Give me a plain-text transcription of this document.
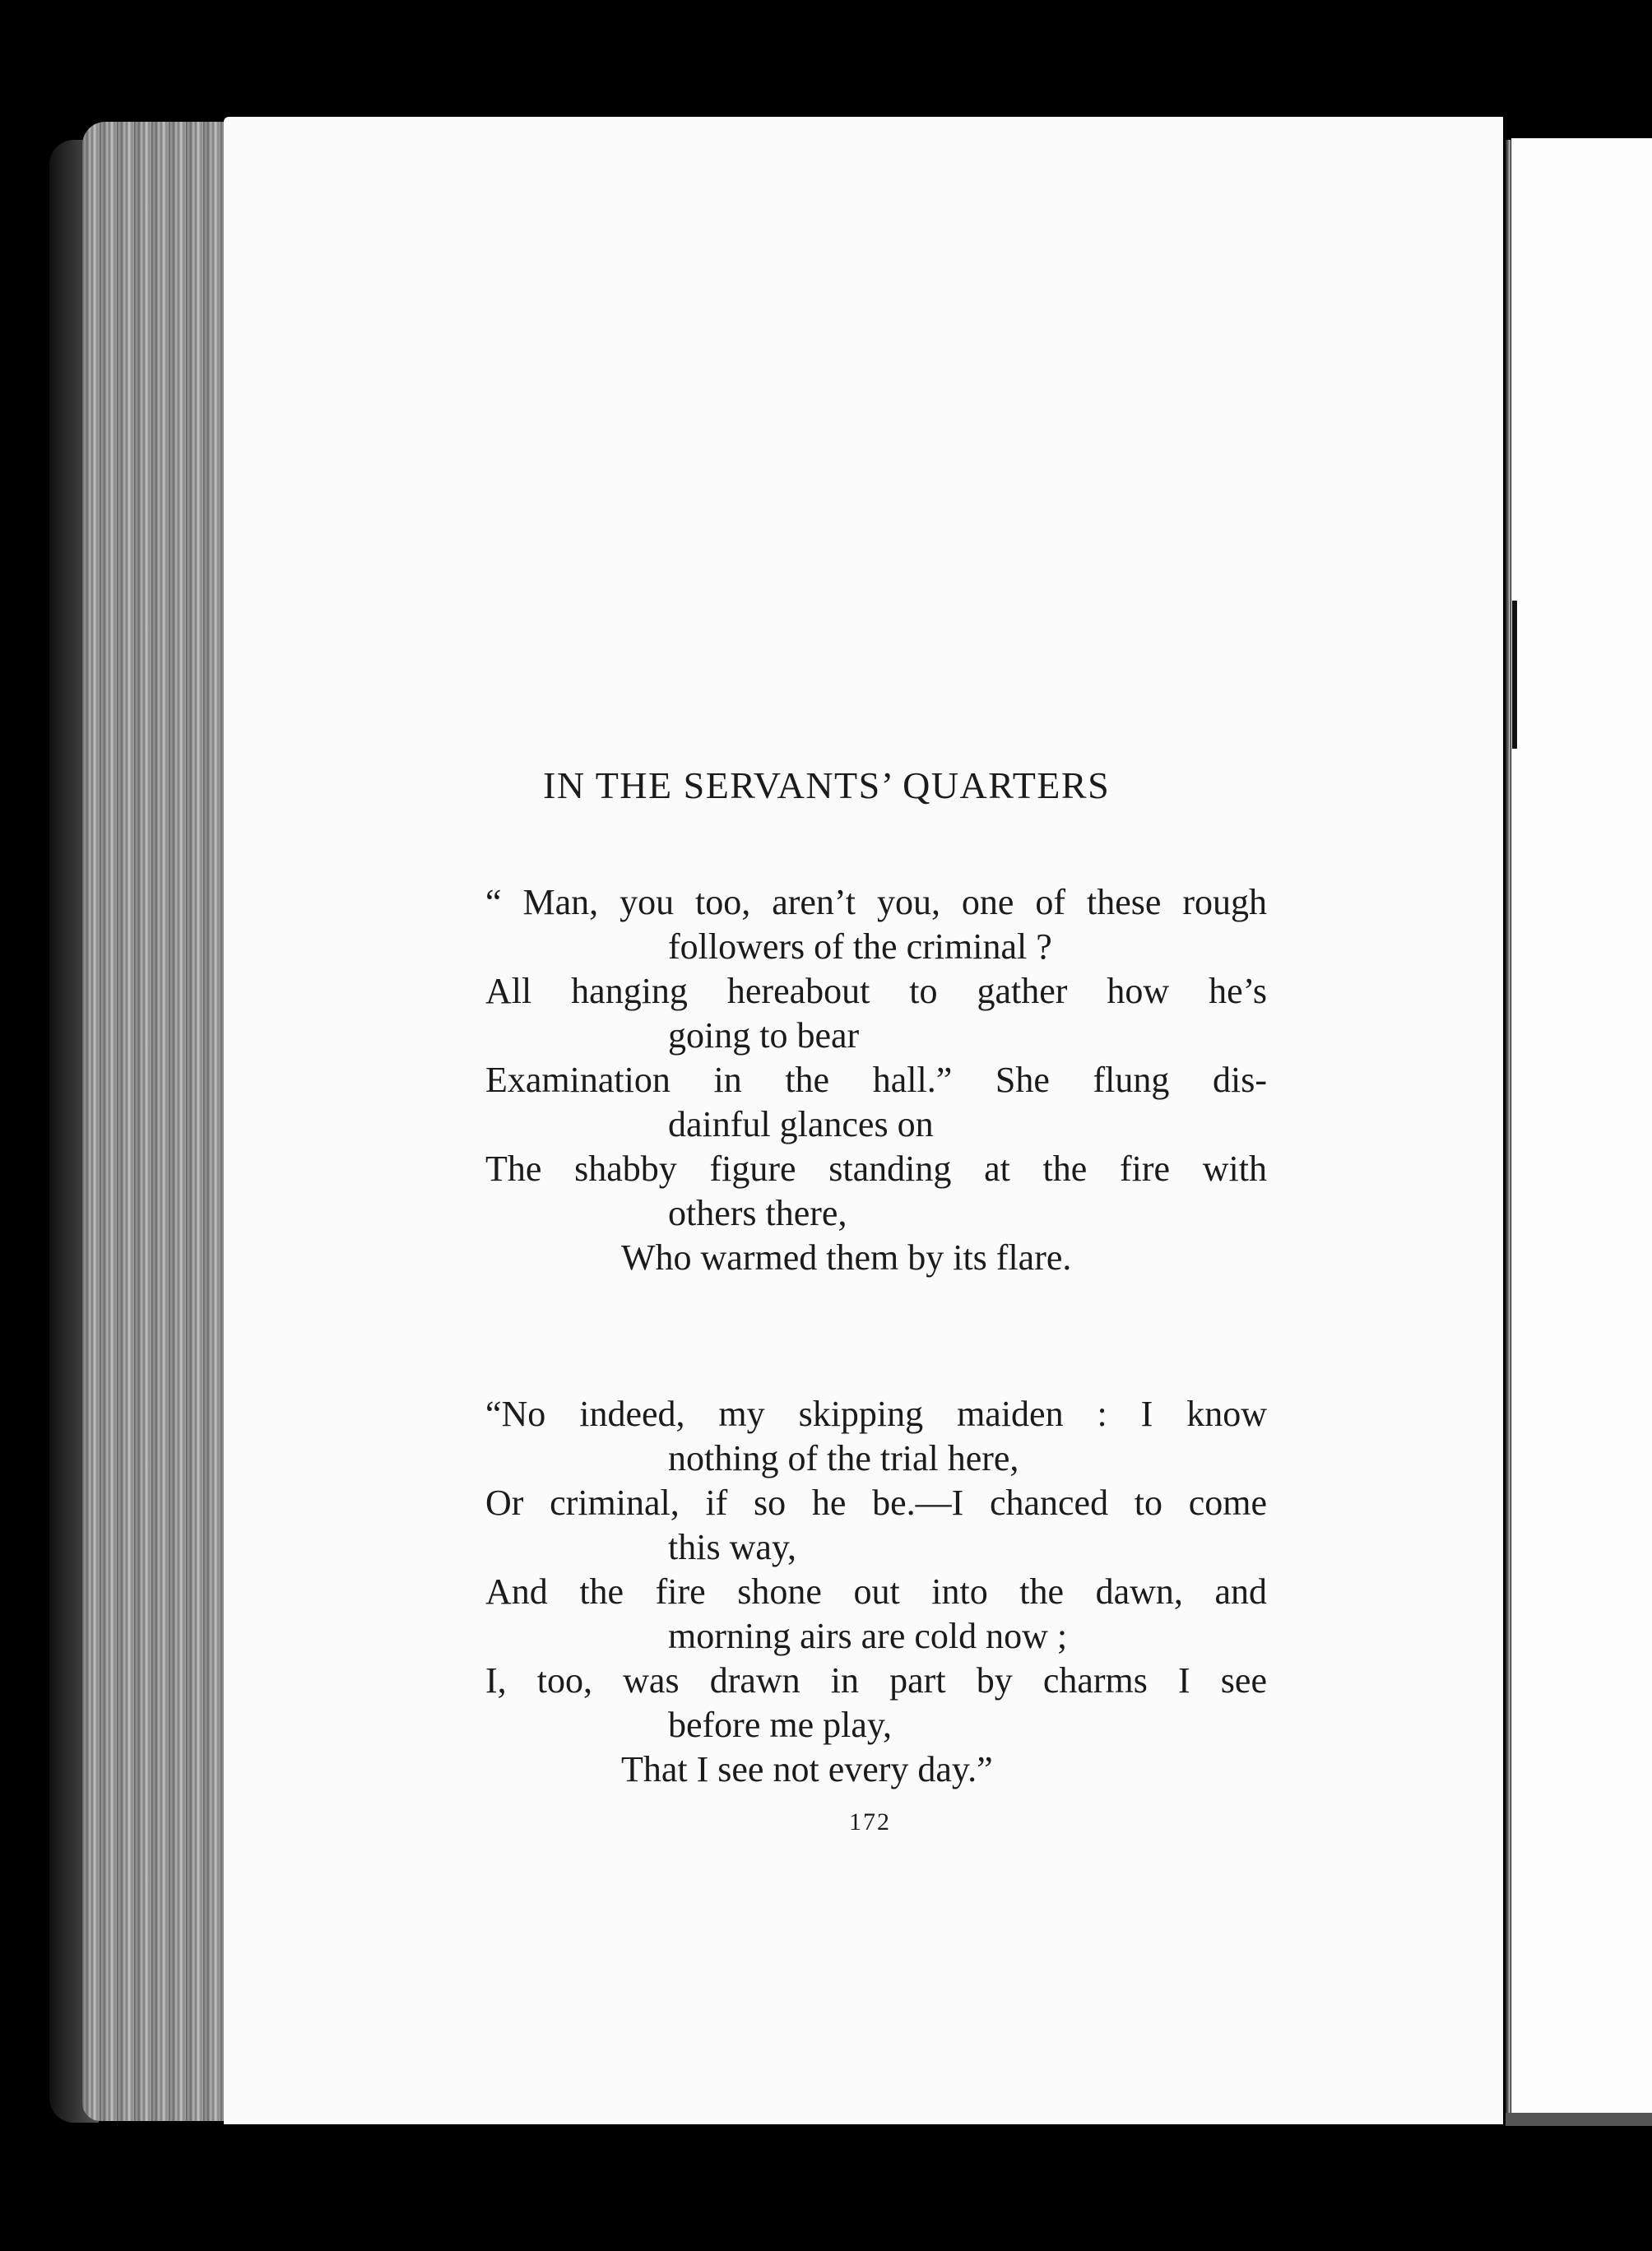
IN THE SERVANTS’ QUARTERS
“ Man, you too, aren’t you, one of these rough
followers of the criminal ?
All hanging hereabout to gather how he’s
going to bear
Examination in the hall.” She flung dis-
dainful glances on
The shabby figure standing at the fire with
others there,
Who warmed them by its flare.
“No indeed, my skipping maiden : I know
nothing of the trial here,
Or criminal, if so he be.—I chanced to come
this way,
And the fire shone out into the dawn, and
morning airs are cold now ;
I, too, was drawn in part by charms I see
before me play,
That I see not every day.”
172
